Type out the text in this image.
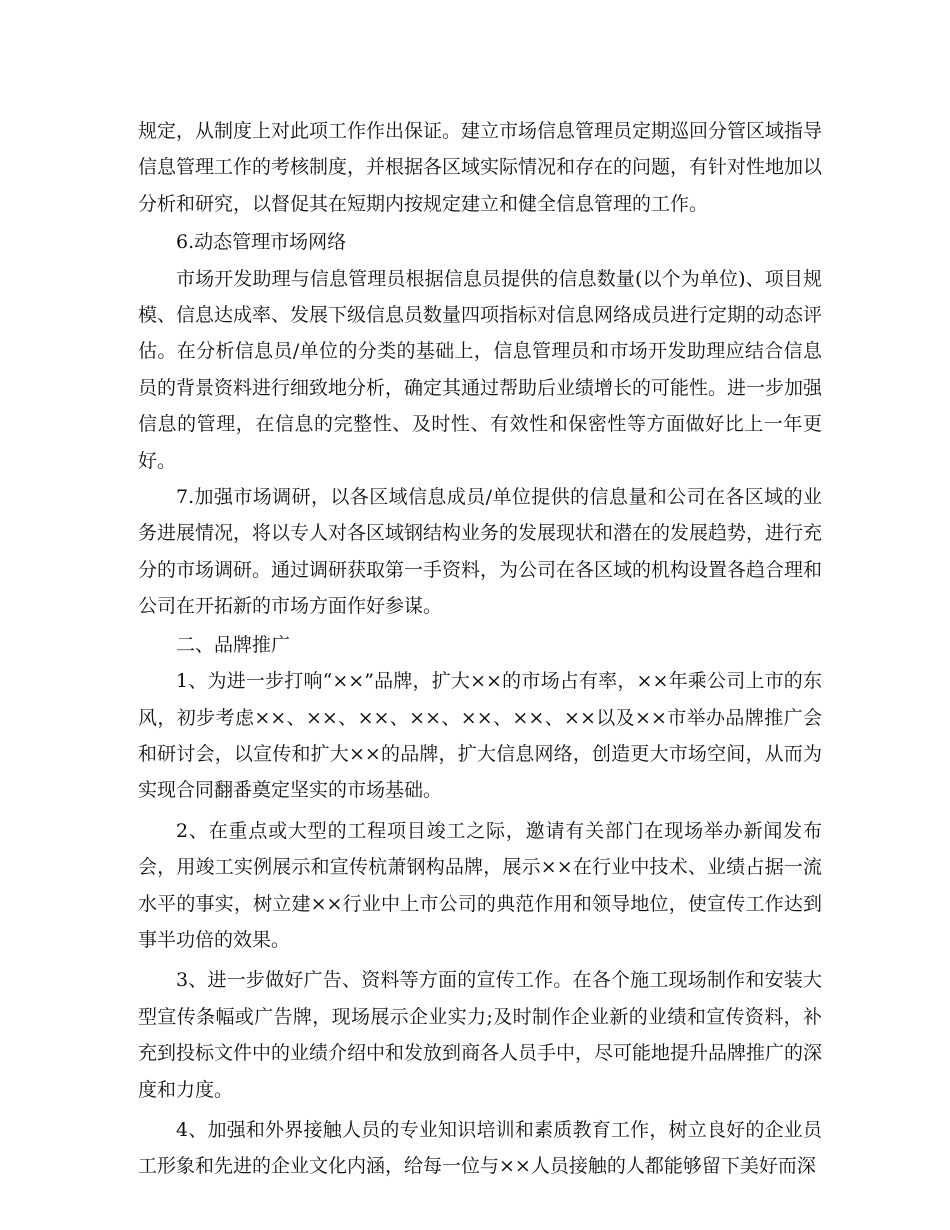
规定，从制度上对此项工作作出保证。建立市场信息管理员定期巡回分管区域指导信息管理工作的考核制度，并根据各区域实际情况和存在的问题，有针对性地加以分析和研究，以督促其在短期内按规定建立和健全信息管理的工作。

6.动态管理市场网络

市场开发助理与信息管理员根据信息员提供的信息数量(以个为单位)、项目规模、信息达成率、发展下级信息员数量四项指标对信息网络成员进行定期的动态评估。在分析信息员/单位的分类的基础上，信息管理员和市场开发助理应结合信息员的背景资料进行细致地分析，确定其通过帮助后业绩增长的可能性。进一步加强信息的管理，在信息的完整性、及时性、有效性和保密性等方面做好比上一年更好。

7.加强市场调研，以各区域信息成员/单位提供的信息量和公司在各区域的业务进展情况，将以专人对各区域钢结构业务的发展现状和潜在的发展趋势，进行充分的市场调研。通过调研获取第一手资料，为公司在各区域的机构设置各趋合理和公司在开拓新的市场方面作好参谋。

二、品牌推广

1、为进一步打响“××”品牌，扩大××的市场占有率，××年乘公司上市的东风，初步考虑××、××、××、××、××、××、××以及××市举办品牌推广会和研讨会，以宣传和扩大××的品牌，扩大信息网络，创造更大市场空间，从而为实现合同翻番奠定坚实的市场基础。

2、在重点或大型的工程项目竣工之际，邀请有关部门在现场举办新闻发布会，用竣工实例展示和宣传杭萧钢构品牌，展示××在行业中技术、业绩占据一流水平的事实，树立建××行业中上市公司的典范作用和领导地位，使宣传工作达到事半功倍的效果。

3、进一步做好广告、资料等方面的宣传工作。在各个施工现场制作和安装大型宣传条幅或广告牌，现场展示企业实力;及时制作企业新的业绩和宣传资料，补充到投标文件中的业绩介绍中和发放到商各人员手中，尽可能地提升品牌推广的深度和力度。

4、加强和外界接触人员的专业知识培训和素质教育工作，树立良好的企业员工形象和先进的企业文化内涵，给每一位与××人员接触的人都能够留下美好而深
